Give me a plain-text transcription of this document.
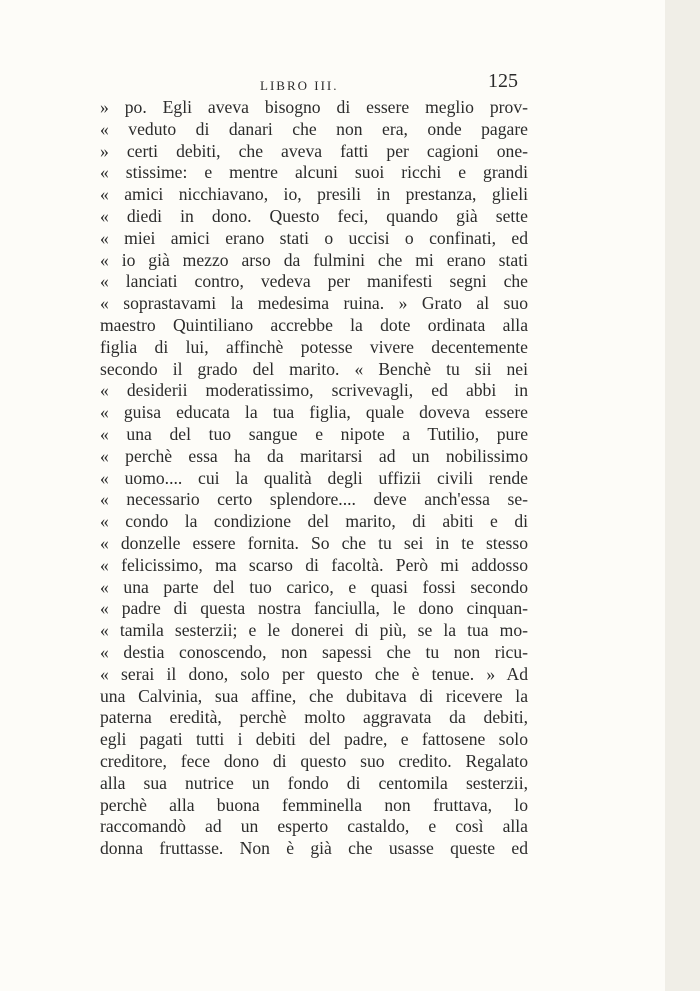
LIBRO III.	125
» po. Egli aveva bisogno di essere meglio prov-
« veduto di danari che non era, onde pagare
» certi debiti, che aveva fatti per cagioni one-
« stissime: e mentre alcuni suoi ricchi e grandi
« amici nicchiavano, io, presili in prestanza, glieli
« diedi in dono. Questo feci, quando già sette
« miei amici erano stati o uccisi o confinati, ed
« io già mezzo arso da fulmini che mi erano stati
« lanciati contro, vedeva per manifesti segni che
« soprastavami la medesima ruina. » Grato al suo
maestro Quintiliano accrebbe la dote ordinata alla
figlia di lui, affinchè potesse vivere decentemente
secondo il grado del marito. « Benchè tu sii nei
« desiderii moderatissimo, scrivevagli, ed abbi in
« guisa educata la tua figlia, quale doveva essere
« una del tuo sangue e nipote a Tutilio, pure
« perchè essa ha da maritarsi ad un nobilissimo
« uomo.... cui la qualità degli uffizii civili rende
« necessario certo splendore.... deve anch'essa se-
« condo la condizione del marito, di abiti e di
« donzelle essere fornita. So che tu sei in te stesso
« felicissimo, ma scarso di facoltà. Però mi addosso
« una parte del tuo carico, e quasi fossi secondo
« padre di questa nostra fanciulla, le dono cinquan-
« tamila sesterzii; e le donerei di più, se la tua mo-
« destia conoscendo, non sapessi che tu non ricu-
« serai il dono, solo per questo che è tenue. » Ad
una Calvinia, sua affine, che dubitava di ricevere la
paterna eredità, perchè molto aggravata da debiti,
egli pagati tutti i debiti del padre, e fattosene solo
creditore, fece dono di questo suo credito. Regalato
alla sua nutrice un fondo di centomila sesterzii,
perchè alla buona femminella non fruttava, lo
raccomandò ad un esperto castaldo, e così alla
donna fruttasse. Non è già che usasse queste ed
